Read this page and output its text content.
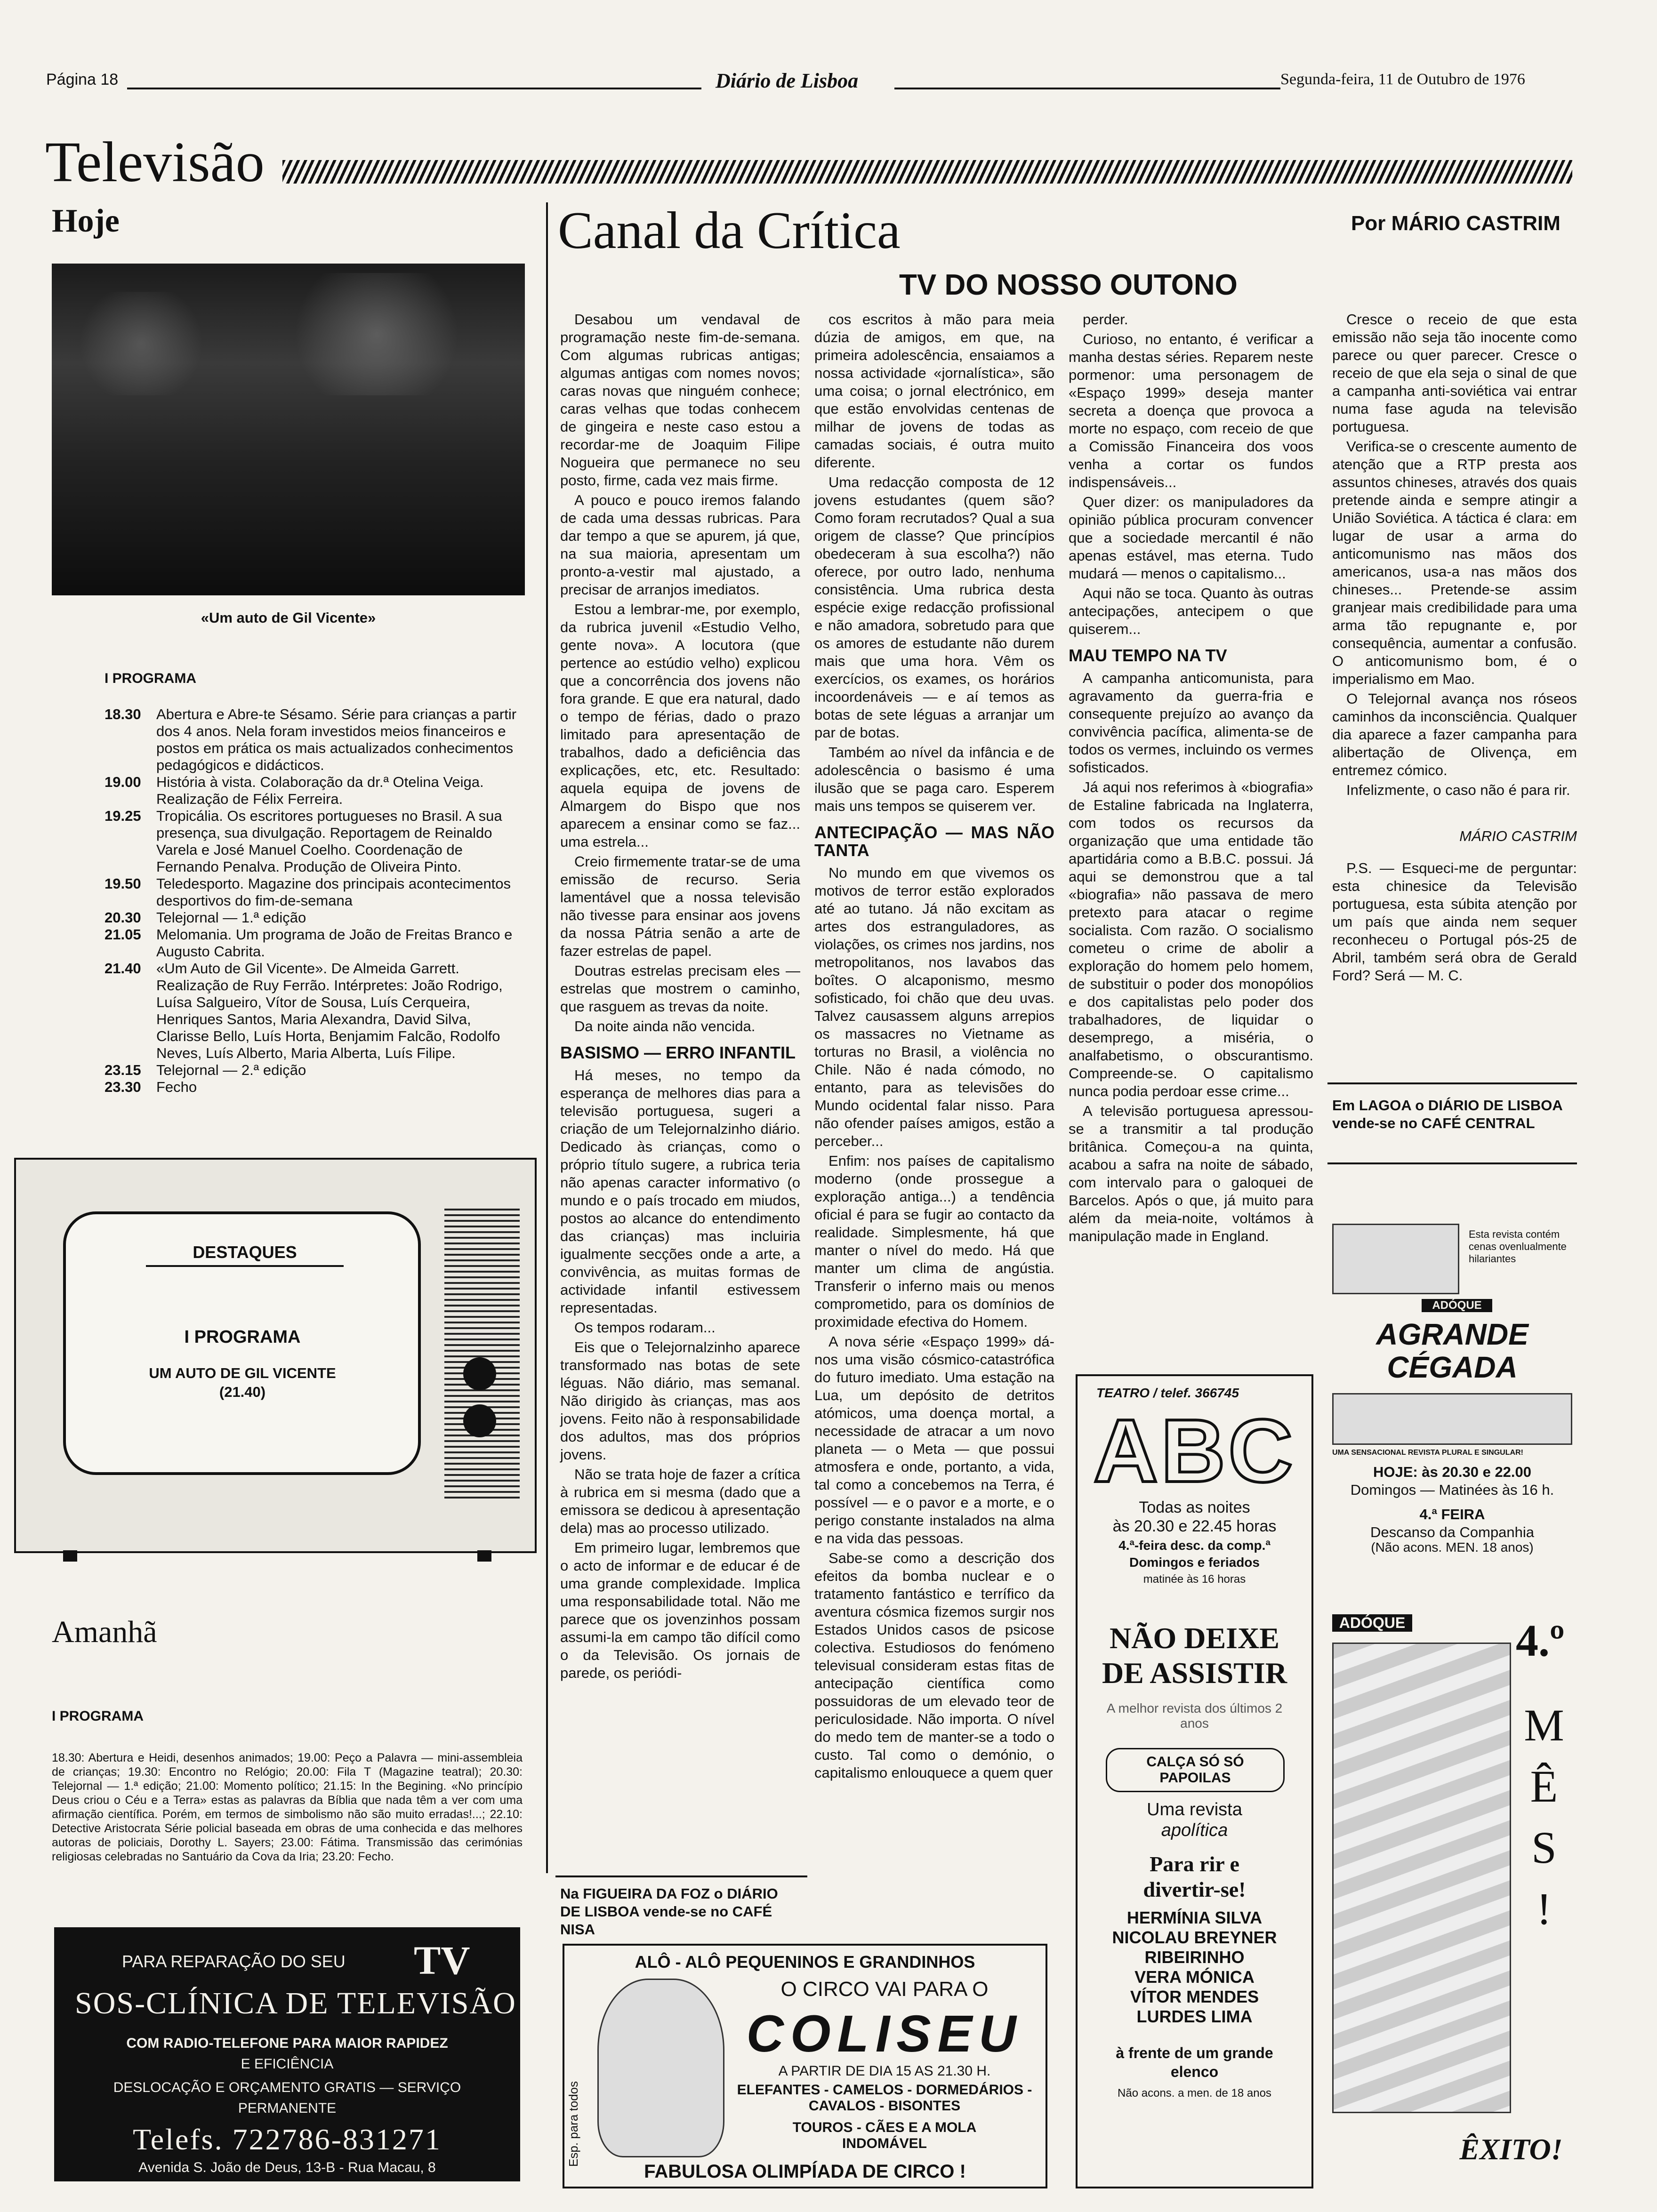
Página 18	Diário de Lisboa	Segunda-feira, 11 de Outubro de 1976
Televisão
Hoje
«Um auto de Gil Vicente»
I PROGRAMA
18.30	Abertura e Abre-te Sésamo. Série para crianças a partir dos 4 anos. Nela foram investidos meios financeiros e postos em prática os mais actualizados conhecimentos pedagógicos e didácticos.
19.00	História à vista. Colaboração da dr.ª Otelina Veiga. Realização de Félix Ferreira.
19.25	Tropicália. Os escritores portugueses no Brasil. A sua presença, sua divulgação. Reportagem de Reinaldo Varela e José Manuel Coelho. Coordenação de Fernando Penalva. Produção de Oliveira Pinto.
19.50	Teledesporto. Magazine dos principais acontecimentos desportivos do fim-de-semana
20.30	Telejornal — 1.ª edição
21.05	Melomania. Um programa de João de Freitas Branco e Augusto Cabrita.
21.40	«Um Auto de Gil Vicente». De Almeida Garrett. Realização de Ruy Ferrão. Intérpretes: João Rodrigo, Luísa Salgueiro, Vítor de Sousa, Luís Cerqueira, Henriques Santos, Maria Alexandra, David Silva, Clarisse Bello, Luís Horta, Benjamim Falcão, Rodolfo Neves, Luís Alberto, Maria Alberta, Luís Filipe.
23.15	Telejornal — 2.ª edição
23.30	Fecho
DESTAQUES
I PROGRAMA
UM AUTO DE GIL VICENTE
(21.40)
Amanhã
I PROGRAMA
18.30: Abertura e Heidi, desenhos animados; 19.00: Peço a Palavra — mini-assembleia de crianças; 19.30: Encontro no Relógio; 20.00: Fila T (Magazine teatral); 20.30: Telejornal — 1.ª edição; 21.00: Momento político; 21.15: In the Begining. «No princípio Deus criou o Céu e a Terra» estas as palavras da Bíblia que nada têm a ver com uma afirmação científica. Porém, em termos de simbolismo não são muito erradas!...; 22.10: Detective Aristocrata Série policial baseada em obras de uma conhecida e das melhores autoras de policiais, Dorothy L. Sayers; 23.00: Fátima. Transmissão das cerimónias religiosas celebradas no Santuário da Cova da Iria; 23.20: Fecho.
PARA REPARAÇÃO DO SEU TV
SOS-CLÍNICA DE TELEVISÃO
COM RADIO-TELEFONE PARA MAIOR RAPIDEZ
E EFICIÊNCIA
DESLOCAÇÃO E ORÇAMENTO GRATIS — SERVIÇO
PERMANENTE
Telefs. 722786-831271
Avenida S. João de Deus, 13-B - Rua Macau, 8
Canal da Crítica	Por MÁRIO CASTRIM
TV DO NOSSO OUTONO

Desabou um vendaval de programação neste fim-de-semana. Com algumas rubricas antigas; algumas antigas com nomes novos; caras novas que ninguém conhece; caras velhas que todas conhecem de gingeira e neste caso estou a recordar-me de Joaquim Filipe Nogueira que permanece no seu posto, firme, cada vez mais firme.

A pouco e pouco iremos falando de cada uma dessas rubricas. Para dar tempo a que se apurem, já que, na sua maioria, apresentam um pronto-a-vestir mal ajustado, a precisar de arranjos imediatos.

Estou a lembrar-me, por exemplo, da rubrica juvenil «Estudio Velho, gente nova». A locutora (que pertence ao estúdio velho) explicou que a concorrência dos jovens não fora grande. E que era natural, dado o tempo de férias, dado o prazo limitado para apresentação de trabalhos, dado a deficiência das explicações, etc, etc. Resultado: aquela equipa de jovens de Almargem do Bispo que nos aparecem a ensinar como se faz... uma estrela...

Creio firmemente tratar-se de uma emissão de recurso. Seria lamentável que a nossa televisão não tivesse para ensinar aos jovens da nossa Pátria senão a arte de fazer estrelas de papel.

Doutras estrelas precisam eles — estrelas que mostrem o caminho, que rasguem as trevas da noite.

Da noite ainda não vencida.

BASISMO — ERRO INFANTIL

Há meses, no tempo da esperança de melhores dias para a televisão portuguesa, sugeri a criação de um Telejornalzinho diário. Dedicado às crianças, como o próprio título sugere, a rubrica teria não apenas caracter informativo (o mundo e o país trocado em miudos, postos ao alcance do entendimento das crianças) mas incluiria igualmente secções onde a arte, a convivência, as muitas formas de actividade infantil estivessem representadas.

Os tempos rodaram...

Eis que o Telejornalzinho aparece transformado nas botas de sete léguas. Não diário, mas semanal. Não dirigido às crianças, mas aos jovens. Feito não à responsabilidade dos adultos, mas dos próprios jovens.

Não se trata hoje de fazer a crítica à rubrica em si mesma (dado que a emissora se dedicou à apresentação dela) mas ao processo utilizado.

Em primeiro lugar, lembremos que o acto de informar e de educar é de uma grande complexidade. Implica uma responsabilidade total. Não me parece que os jovenzinhos possam assumi-la em campo tão difícil como o da Televisão. Os jornais de parede, os periódi-

cos escritos à mão para meia dúzia de amigos, em que, na primeira adolescência, ensaiamos a nossa actividade «jornalística», são uma coisa; o jornal electrónico, em que estão envolvidas centenas de milhar de jovens de todas as camadas sociais, é outra muito diferente.

Uma redacção composta de 12 jovens estudantes (quem são? Como foram recrutados? Qual a sua origem de classe? Que princípios obedeceram à sua escolha?) não oferece, por outro lado, nenhuma consistência. Uma rubrica desta espécie exige redacção profissional e não amadora, sobretudo para que os amores de estudante não durem mais que uma hora. Vêm os exercícios, os exames, os horários incoordenáveis — e aí temos as botas de sete léguas a arranjar um par de botas.

Também ao nível da infância e de adolescência o basismo é uma ilusão que se paga caro. Esperem mais uns tempos se quiserem ver.

ANTECIPAÇÃO — MAS NÃO TANTA

No mundo em que vivemos os motivos de terror estão explorados até ao tutano. Já não excitam as artes dos estranguladores, as violações, os crimes nos jardins, nos metropolitanos, nos lavabos das boîtes. O alcaponismo, mesmo sofisticado, foi chão que deu uvas. Talvez causassem alguns arrepios os massacres no Vietname as torturas no Brasil, a violência no Chile. Não é nada cómodo, no entanto, para as televisões do Mundo ocidental falar nisso. Para não ofender países amigos, estão a perceber...

Enfim: nos países de capitalismo moderno (onde prossegue a exploração antiga...) a tendência oficial é para se fugir ao contacto da realidade. Simplesmente, há que manter o nível do medo. Há que manter um clima de angústia. Transferir o inferno mais ou menos comprometido, para os domínios de proximidade efectiva do Homem.

A nova série «Espaço 1999» dá-nos uma visão cósmico-catastrófica do futuro imediato. Uma estação na Lua, um depósito de detritos atómicos, uma doença mortal, a necessidade de atracar a um novo planeta — o Meta — que possui atmosfera e onde, portanto, a vida, tal como a concebemos na Terra, é possível — e o pavor e a morte, e o perigo constante instalados na alma e na vida das pessoas.

Sabe-se como a descrição dos efeitos da bomba nuclear e o tratamento fantástico e terrífico da aventura cósmica fizemos surgir nos Estados Unidos casos de psicose colectiva. Estudiosos do fenómeno televisual consideram estas fitas de antecipação científica como possuidoras de um elevado teor de periculosidade. Não importa. O nível do medo tem de manter-se a todo o custo. Tal como o demónio, o capitalismo enlouquece a quem quer

perder.

Curioso, no entanto, é verificar a manha destas séries. Reparem neste pormenor: uma personagem de «Espaço 1999» deseja manter secreta a doença que provoca a morte no espaço, com receio de que a Comissão Financeira dos voos venha a cortar os fundos indispensáveis...

Quer dizer: os manipuladores da opinião pública procuram convencer que a sociedade mercantil é não apenas estável, mas eterna. Tudo mudará — menos o capitalismo...

Aqui não se toca. Quanto às outras antecipações, antecipem o que quiserem...

MAU TEMPO NA TV

A campanha anticomunista, para agravamento da guerra-fria e consequente prejuízo ao avanço da convivência pacífica, alimenta-se de todos os vermes, incluindo os vermes sofisticados.

Já aqui nos referimos à «biografia» de Estaline fabricada na Inglaterra, com todos os recursos da organização que uma entidade tão apartidária como a B.B.C. possui. Já aqui se demonstrou que a tal «biografia» não passava de mero pretexto para atacar o regime socialista. Com razão. O socialismo cometeu o crime de abolir a exploração do homem pelo homem, de substituir o poder dos monopólios e dos capitalistas pelo poder dos trabalhadores, de liquidar o desemprego, a miséria, o analfabetismo, o obscurantismo. Compreende-se. O capitalismo nunca podia perdoar esse crime...

A televisão portuguesa apressou-se a transmitir a tal produção britânica. Começou-a na quinta, acabou a safra na noite de sábado, com intervalo para o galoquei de Barcelos. Após o que, já muito para além da meia-noite, voltámos à manipulação made in England.

Cresce o receio de que esta emissão não seja tão inocente como parece ou quer parecer. Cresce o receio de que ela seja o sinal de que a campanha anti-soviética vai entrar numa fase aguda na televisão portuguesa.

Verifica-se o crescente aumento de atenção que a RTP presta aos assuntos chineses, através dos quais pretende ainda e sempre atingir a União Soviética. A táctica é clara: em lugar de usar a arma do anticomunismo nas mãos dos americanos, usa-a nas mãos dos chineses... Pretende-se assim granjear mais credibilidade para uma arma tão repugnante e, por consequência, aumentar a confusão. O anticomunismo bom, é o imperialismo em Mao.

O Telejornal avança nos róseos caminhos da inconsciência. Qualquer dia aparece a fazer campanha para alibertação de Olivença, em entremez cómico.

Infelizmente, o caso não é para rir.

MÁRIO CASTRIM

P.S. — Esqueci-me de perguntar: esta chinesice da Televisão portuguesa, esta súbita atenção por um país que ainda nem sequer reconheceu o Portugal pós-25 de Abril, também será obra de Gerald Ford? Será — M. C.

Em LAGOA o DIÁRIO DE LISBOA vende-se no CAFÉ CENTRAL
Esta revista contém cenas ovenlualmente hilariantes
ADÓQUE
AGRANDE CÉGADA
UMA SENSACIONAL REVISTA PLURAL E SINGULAR!
HOJE: às 20.30 e 22.00
Domingos — Matinées às 16 h.
4.ª FEIRA
Descanso da Companhia
(Não acons. MEN. 18 anos)
ADÓQUE 4.º
M
Ê
S
!
ÊXITO!
Na FIGUEIRA DA FOZ o DIÁRIO DE LISBOA vende-se no CAFÉ NISA
ALÔ - ALÔ PEQUENINOS E GRANDINHOS
Esp. para todos
O CIRCO VAI PARA O
COLISEU
A PARTIR DE DIA 15 AS 21.30 H.
ELEFANTES - CAMELOS - DORMEDÁRIOS - CAVALOS - BISONTES
TOUROS - CÃES E A MOLA
INDOMÁVEL
FABULOSA OLIMPÍADA DE CIRCO !
TEATRO / telef. 366745
ABC
Todas as noites
às 20.30 e 22.45 horas
4.ª-feira desc. da comp.ª
Domingos e feriados
matinée às 16 horas
NÃO DEIXE
DE ASSISTIR
A melhor revista dos últimos 2 anos
CALÇA SÓ SÓ PAPOILAS
Uma revista
apolítica
Para rir e
divertir-se!
HERMÍNIA SILVA
NICOLAU BREYNER
RIBEIRINHO
VERA MÓNICA
VÍTOR MENDES
LURDES LIMA
à frente de um grande
elenco
Não acons. a men. de 18 anos
